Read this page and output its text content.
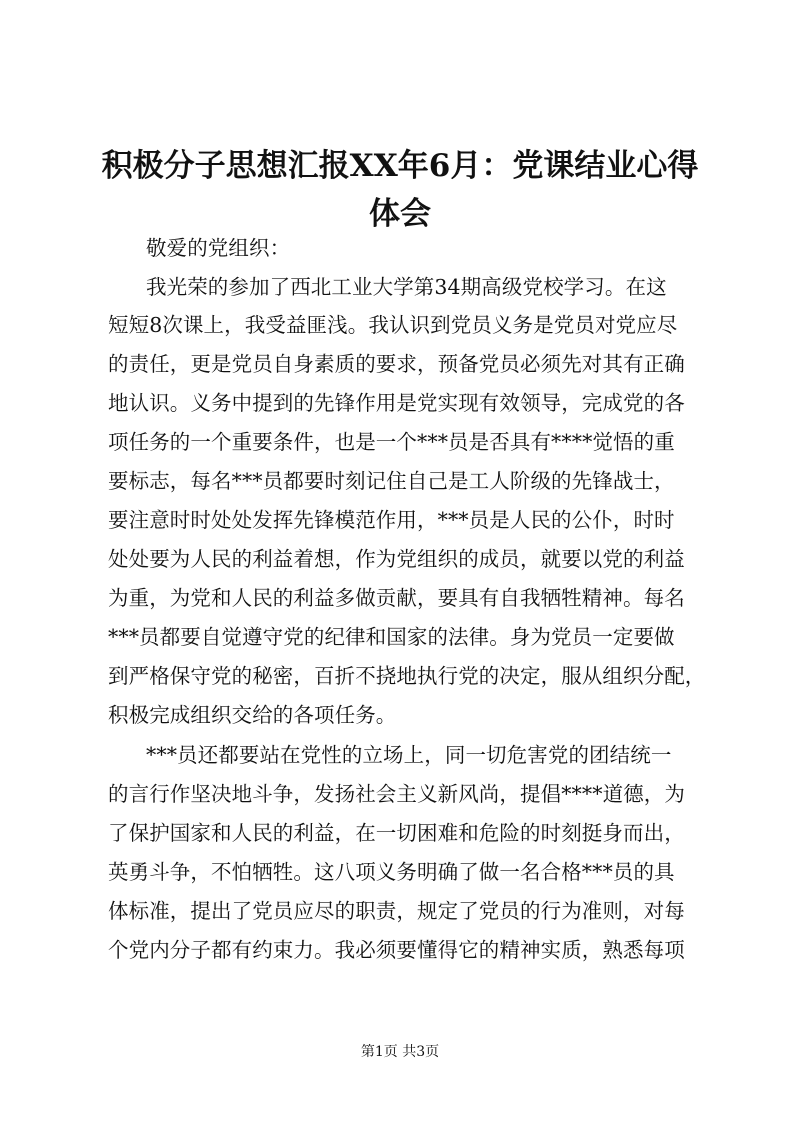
积极分子思想汇报XX年6月：党课结业心得
体会
敬爱的党组织：
我光荣的参加了西北工业大学第34期高级党校学习。在这
短短8次课上，我受益匪浅。我认识到党员义务是党员对党应尽
的责任，更是党员自身素质的要求，预备党员必须先对其有正确
地认识。义务中提到的先锋作用是党实现有效领导，完成党的各
项任务的一个重要条件，也是一个***员是否具有****觉悟的重
要标志，每名***员都要时刻记住自己是工人阶级的先锋战士，
要注意时时处处发挥先锋模范作用，***员是人民的公仆，时时
处处要为人民的利益着想，作为党组织的成员，就要以党的利益
为重，为党和人民的利益多做贡献，要具有自我牺牲精神。每名
***员都要自觉遵守党的纪律和国家的法律。身为党员一定要做
到严格保守党的秘密，百折不挠地执行党的决定，服从组织分配，
积极完成组织交给的各项任务。
***员还都要站在党性的立场上，同一切危害党的团结统一
的言行作坚决地斗争，发扬社会主义新风尚，提倡****道德，为
了保护国家和人民的利益，在一切困难和危险的时刻挺身而出，
英勇斗争，不怕牺牲。这八项义务明确了做一名合格***员的具
体标准，提出了党员应尽的职责，规定了党员的行为准则，对每
个党内分子都有约束力。我必须要懂得它的精神实质，熟悉每项
第1页 共3页
